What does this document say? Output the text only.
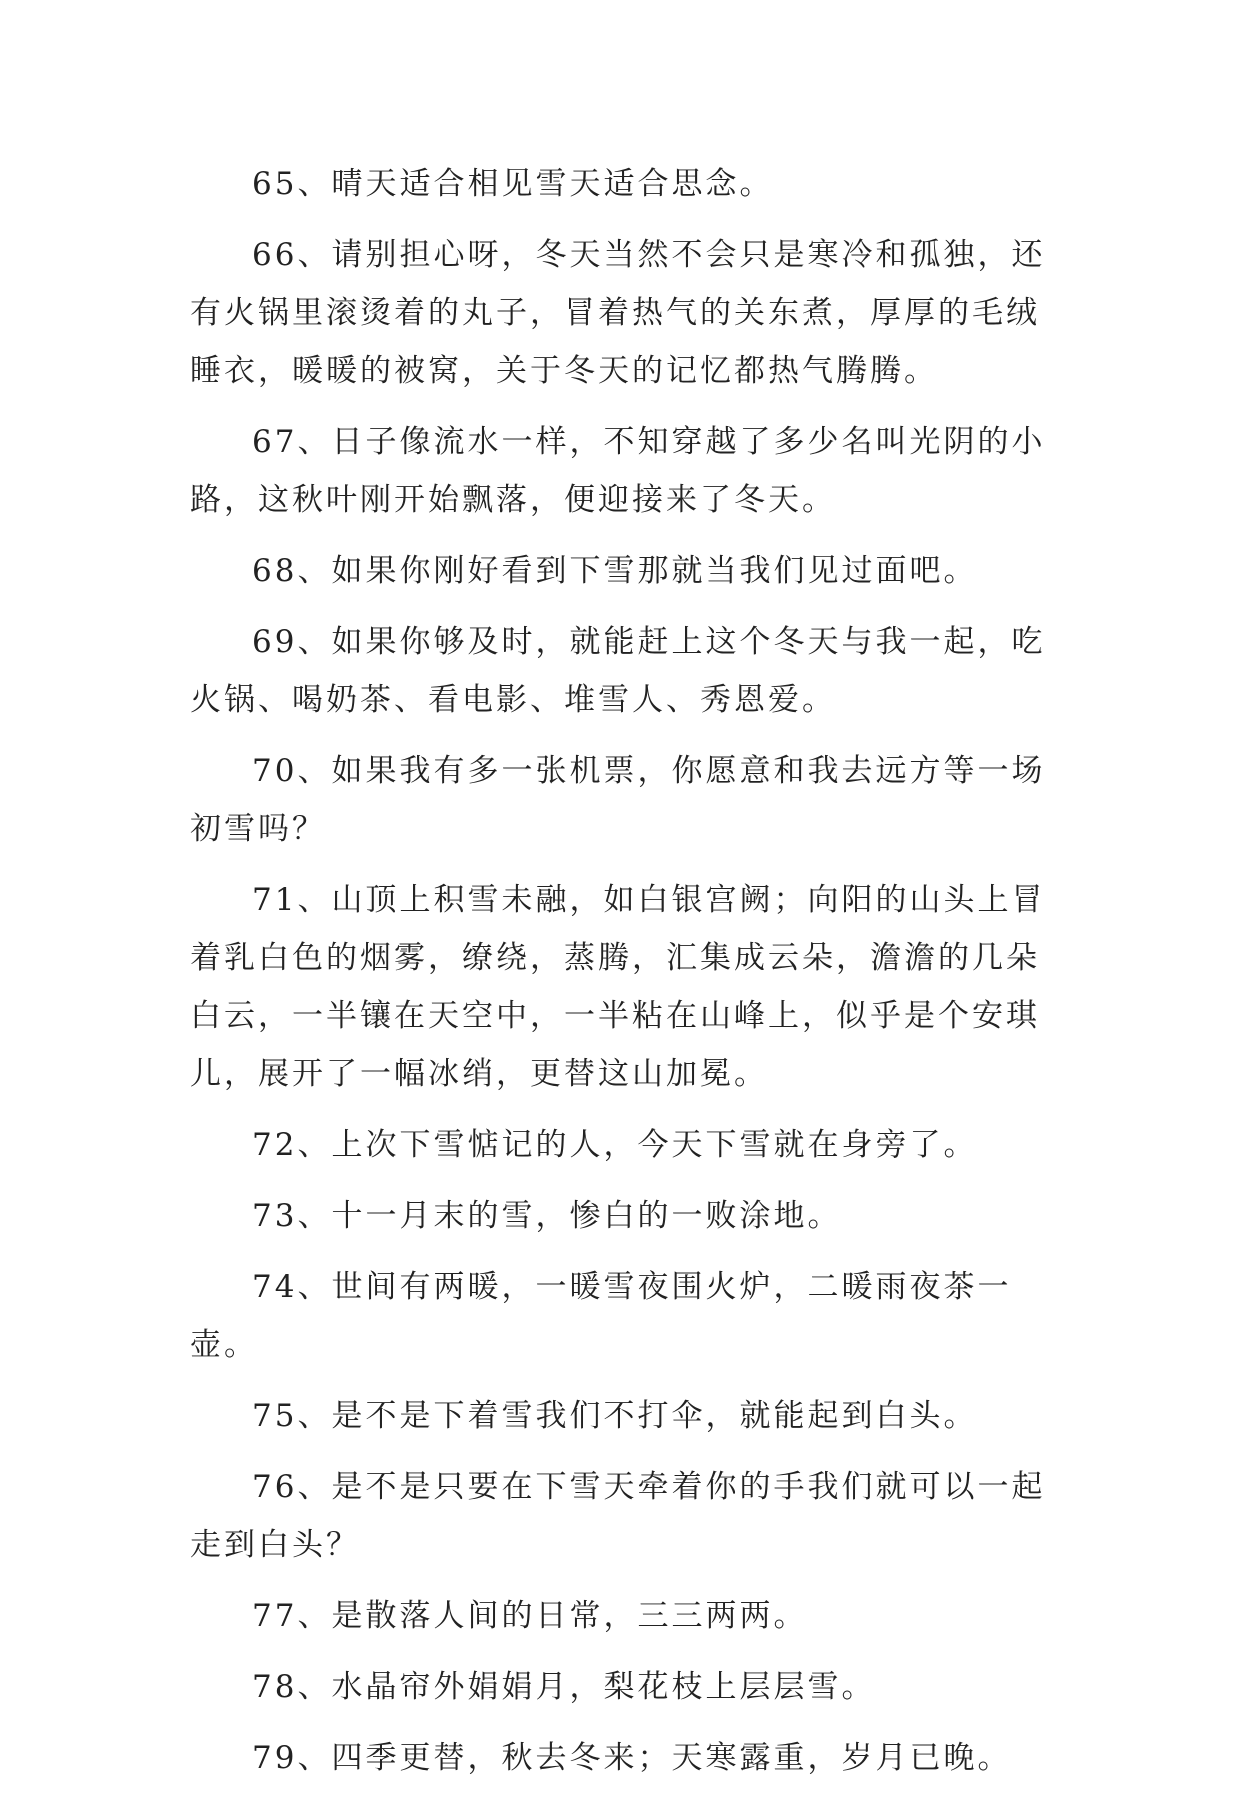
65、晴天适合相见雪天适合思念。

66、请别担心呀，冬天当然不会只是寒冷和孤独，还有火锅里滚烫着的丸子，冒着热气的关东煮，厚厚的毛绒睡衣，暖暖的被窝，关于冬天的记忆都热气腾腾。

67、日子像流水一样，不知穿越了多少名叫光阴的小路，这秋叶刚开始飘落，便迎接来了冬天。

68、如果你刚好看到下雪那就当我们见过面吧。

69、如果你够及时，就能赶上这个冬天与我一起，吃火锅、喝奶茶、看电影、堆雪人、秀恩爱。

70、如果我有多一张机票，你愿意和我去远方等一场初雪吗？

71、山顶上积雪未融，如白银宫阙；向阳的山头上冒着乳白色的烟雾，缭绕，蒸腾，汇集成云朵，澹澹的几朵白云，一半镶在天空中，一半粘在山峰上，似乎是个安琪儿，展开了一幅冰绡，更替这山加冕。

72、上次下雪惦记的人，今天下雪就在身旁了。

73、十一月末的雪，惨白的一败涂地。

74、世间有两暖，一暖雪夜围火炉，二暖雨夜茶一壶。

75、是不是下着雪我们不打伞，就能起到白头。

76、是不是只要在下雪天牵着你的手我们就可以一起走到白头？

77、是散落人间的日常，三三两两。

78、水晶帘外娟娟月，梨花枝上层层雪。

79、四季更替，秋去冬来；天寒露重，岁月已晚。
